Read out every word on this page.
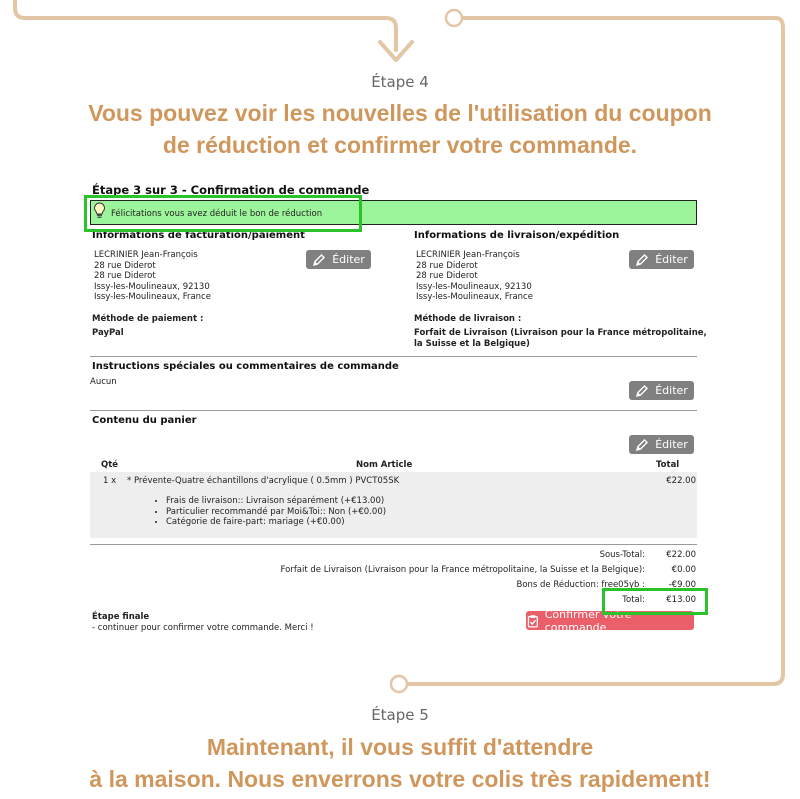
Étape 4
Vous pouvez voir les nouvelles de l'utilisation du coupon
de réduction et confirmer votre commande.
Étape 3 sur 3 - Confirmation de commande
Félicitations vous avez déduit le bon de réduction
Informations de facturation/paiement
LECRINIER Jean-François
28 rue Diderot
28 rue Diderot
Issy-les-Moulineaux, 92130
Issy-les-Moulineaux, France
Éditer
Informations de livraison/expédition
LECRINIER Jean-François
28 rue Diderot
28 rue Diderot
Issy-les-Moulineaux, 92130
Issy-les-Moulineaux, France
Éditer
Méthode de paiement :
PayPal
Méthode de livraison :
Forfait de Livraison (Livraison pour la France métropolitaine,
la Suisse et la Belgique)
Instructions spéciales ou commentaires de commande
Aucun
Éditer
Contenu du panier
Éditer
Qté	Nom Article	Total
1 x * Prévente-Quatre échantillons d'acrylique ( 0.5mm ) PVCT05SK	€22.00
• Frais de livraison:: Livraison séparément (+€13.00)
• Particulier recommandé par Moi&Toi:: Non (+€0.00)
• Catégorie de faire-part: mariage (+€0.00)
Sous-Total:	€22.00
Forfait de Livraison (Livraison pour la France métropolitaine, la Suisse et la Belgique):	€0.00
Bons de Réduction: free05yb :	-€9.00
Total:	€13.00
Étape finale
- continuer pour confirmer votre commande. Merci !
Confirmer votre commande
Étape 5
Maintenant, il vous suffit d'attendre
à la maison. Nous enverrons votre colis très rapidement!
